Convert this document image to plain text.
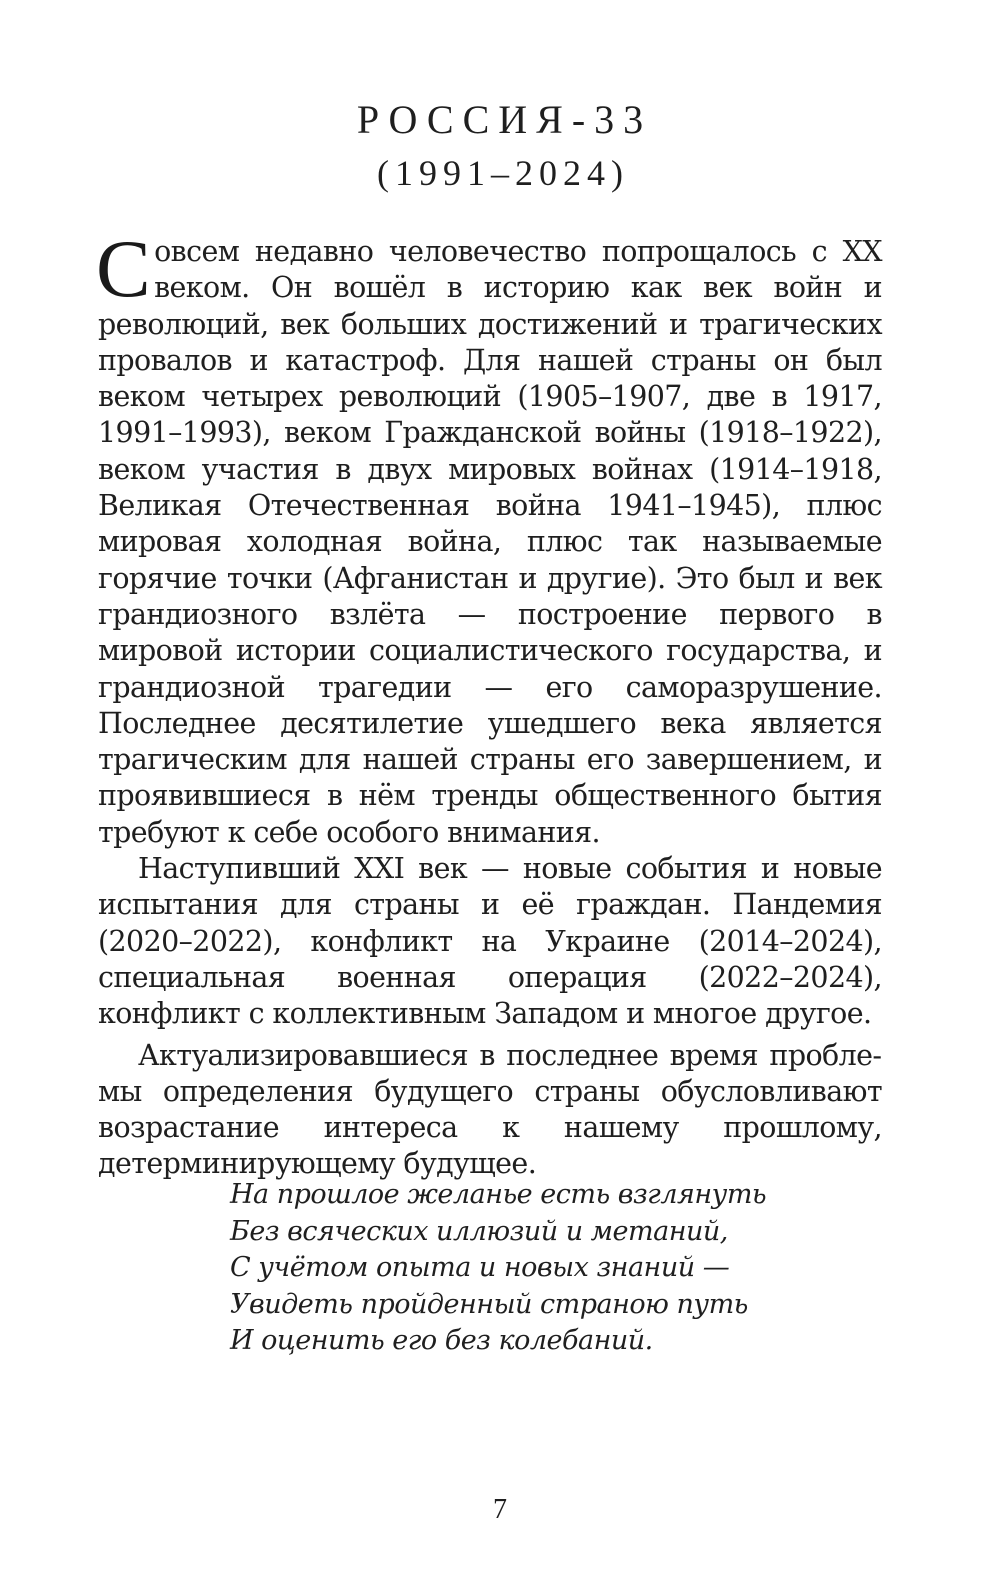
РОССИЯ-33
(1991–2024)

Совсем недавно человечество попрощалось с XX веком. Он вошёл в историю как век войн и революций, век больших достижений и трагических провалов и катастроф. Для нашей страны он был веком четырех революций (1905–1907, две в 1917, 1991–1993), веком Гражданской войны (1918–1922), веком участия в двух мировых войнах (1914–1918, Великая Отечественная война 1941–1945), плюс мировая холодная война, плюс так называемые горячие точки (Афганистан и другие). Это был и век грандиозного взлёта — построение первого в мировой истории социалистического государства, и грандиозной трагедии — его саморазрушение. Последнее десятилетие ушедшего века является трагическим для нашей страны его завершением, и проявившиеся в нём тренды общественного бытия требуют к себе особого внимания.

Наступивший XXI век — новые события и новые испытания для страны и её граждан. Пандемия (2020–2022), конфликт на Украине (2014–2024), специальная военная операция (2022–2024), конфликт с коллективным Западом и многое другое.

Актуализировавшиеся в последнее время проблемы определения будущего страны обусловливают возрастание интереса к нашему прошлому, детерминирующему будущее.

На прошлое желанье есть взглянуть
Без всяческих иллюзий и метаний,
С учётом опыта и новых знаний —
Увидеть пройденный страною путь
И оценить его без колебаний.
7
